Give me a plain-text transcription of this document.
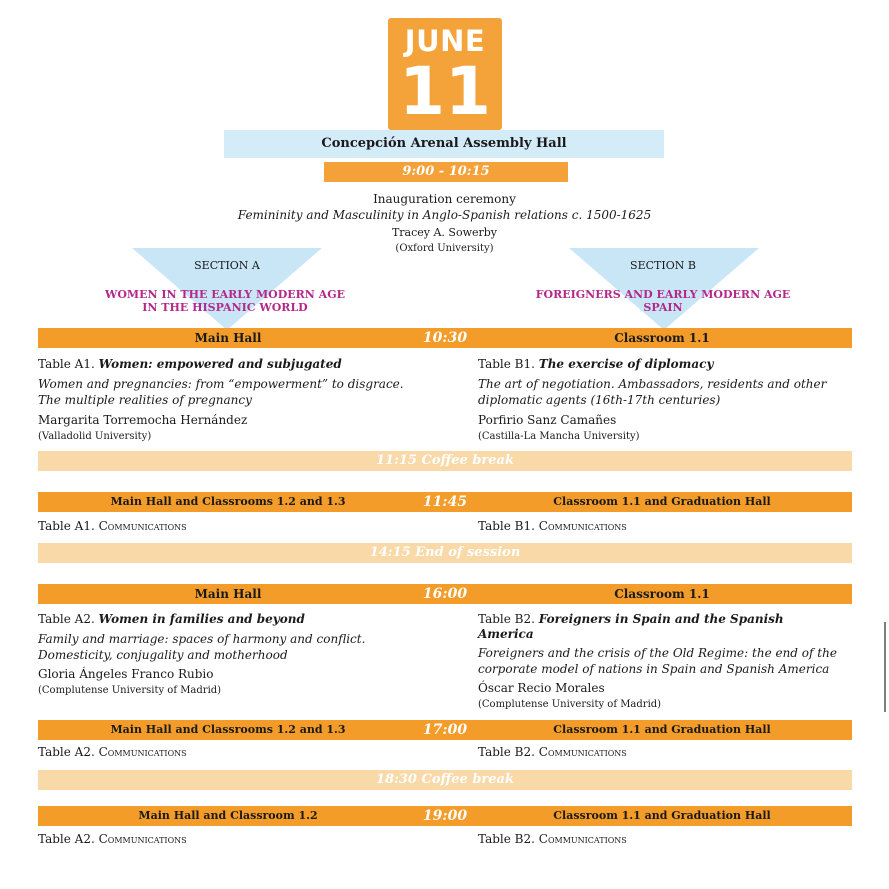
JUNE
11
Concepción Arenal Assembly Hall
9:00 - 10:15
Inauguration ceremony
Femininity and Masculinity in Anglo-Spanish relations c. 1500-1625
Tracey A. Sowerby
(Oxford University)
SECTION A	SECTION B
WOMEN IN THE EARLY MODERN AGE
IN THE HISPANIC WORLD
FOREIGNERS AND EARLY MODERN AGE
SPAIN
Main Hall	10:30	Classroom 1.1
Table A1. Women: empowered and subjugated
Women and pregnancies: from “empowerment” to disgrace.
The multiple realities of pregnancy
Margarita Torremocha Hernández
(Valladolid University)
Table B1. The exercise of diplomacy
The art of negotiation. Ambassadors, residents and other
diplomatic agents (16th-17th centuries)
Porfirio Sanz Camañes
(Castilla-La Mancha University)
11:15 Coffee break
Main Hall and Classrooms 1.2 and 1.3	11:45	Classroom 1.1 and Graduation Hall
Table A1. Communications	Table B1. Communications
14:15 End of session
Main Hall	16:00	Classroom 1.1
Table A2. Women in families and beyond
Family and marriage: spaces of harmony and conflict.
Domesticity, conjugality and motherhood
Gloria Ángeles Franco Rubio
(Complutense University of Madrid)
Table B2. Foreigners in Spain and the Spanish
America
Foreigners and the crisis of the Old Regime: the end of the
corporate model of nations in Spain and Spanish America
Óscar Recio Morales
(Complutense University of Madrid)
Main Hall and Classrooms 1.2 and 1.3	17:00	Classroom 1.1 and Graduation Hall
Table A2. Communications	Table B2. Communications
18:30 Coffee break
Main Hall and Classroom 1.2	19:00	Classroom 1.1 and Graduation Hall
Table A2. Communications	Table B2. Communications
